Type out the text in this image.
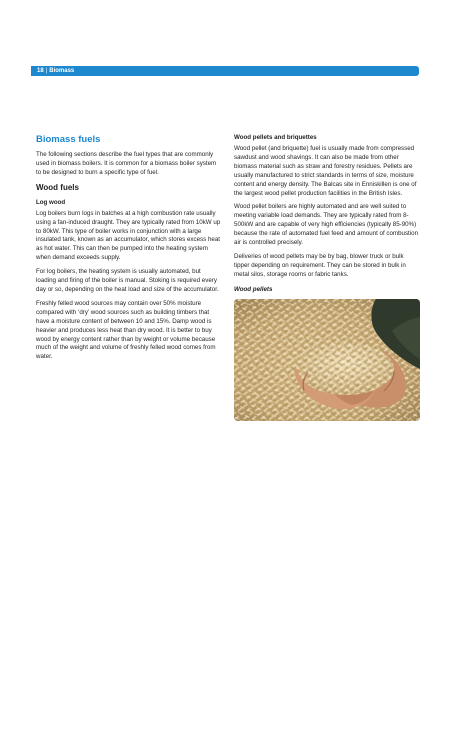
18 | Biomass
Biomass fuels

The following sections describe the fuel types that are commonly used in biomass boilers. It is common for a biomass boiler system to be designed to burn a specific type of fuel.

Wood fuels
Log wood

Log boilers burn logs in batches at a high combustion rate usually using a fan-induced draught. They are typically rated from 10kW up to 80kW. This type of boiler works in conjunction with a large insulated tank, known as an accumulator, which stores excess heat as hot water. This can then be pumped into the heating system when demand exceeds supply.

For log boilers, the heating system is usually automated, but loading and firing of the boiler is manual. Stoking is required every day or so, depending on the heat load and size of the accumulator.

Freshly felled wood sources may contain over 50% moisture compared with ‘dry’ wood sources such as building timbers that have a moisture content of between 10 and 15%. Damp wood is heavier and produces less heat than dry wood. It is better to buy wood by energy content rather than by weight or volume because much of the weight and volume of freshly felled wood comes from water.

Wood pellets and briquettes

Wood pellet (and briquette) fuel is usually made from compressed sawdust and wood shavings. It can also be made from other biomass material such as straw and forestry residues. Pellets are usually manufactured to strict standards in terms of size, moisture content and energy density. The Balcas site in Enniskillen is one of the largest wood pellet production facilities in the British Isles.

Wood pellet boilers are highly automated and are well suited to meeting variable load demands. They are typically rated from 8-500kW and are capable of very high efficiencies (typically 85-90%) because the rate of automated fuel feed and amount of combustion air is controlled precisely.

Deliveries of wood pellets may be by bag, blower truck or bulk tipper depending on requirement. They can be stored in bulk in metal silos, storage rooms or fabric tanks.

Wood pellets
